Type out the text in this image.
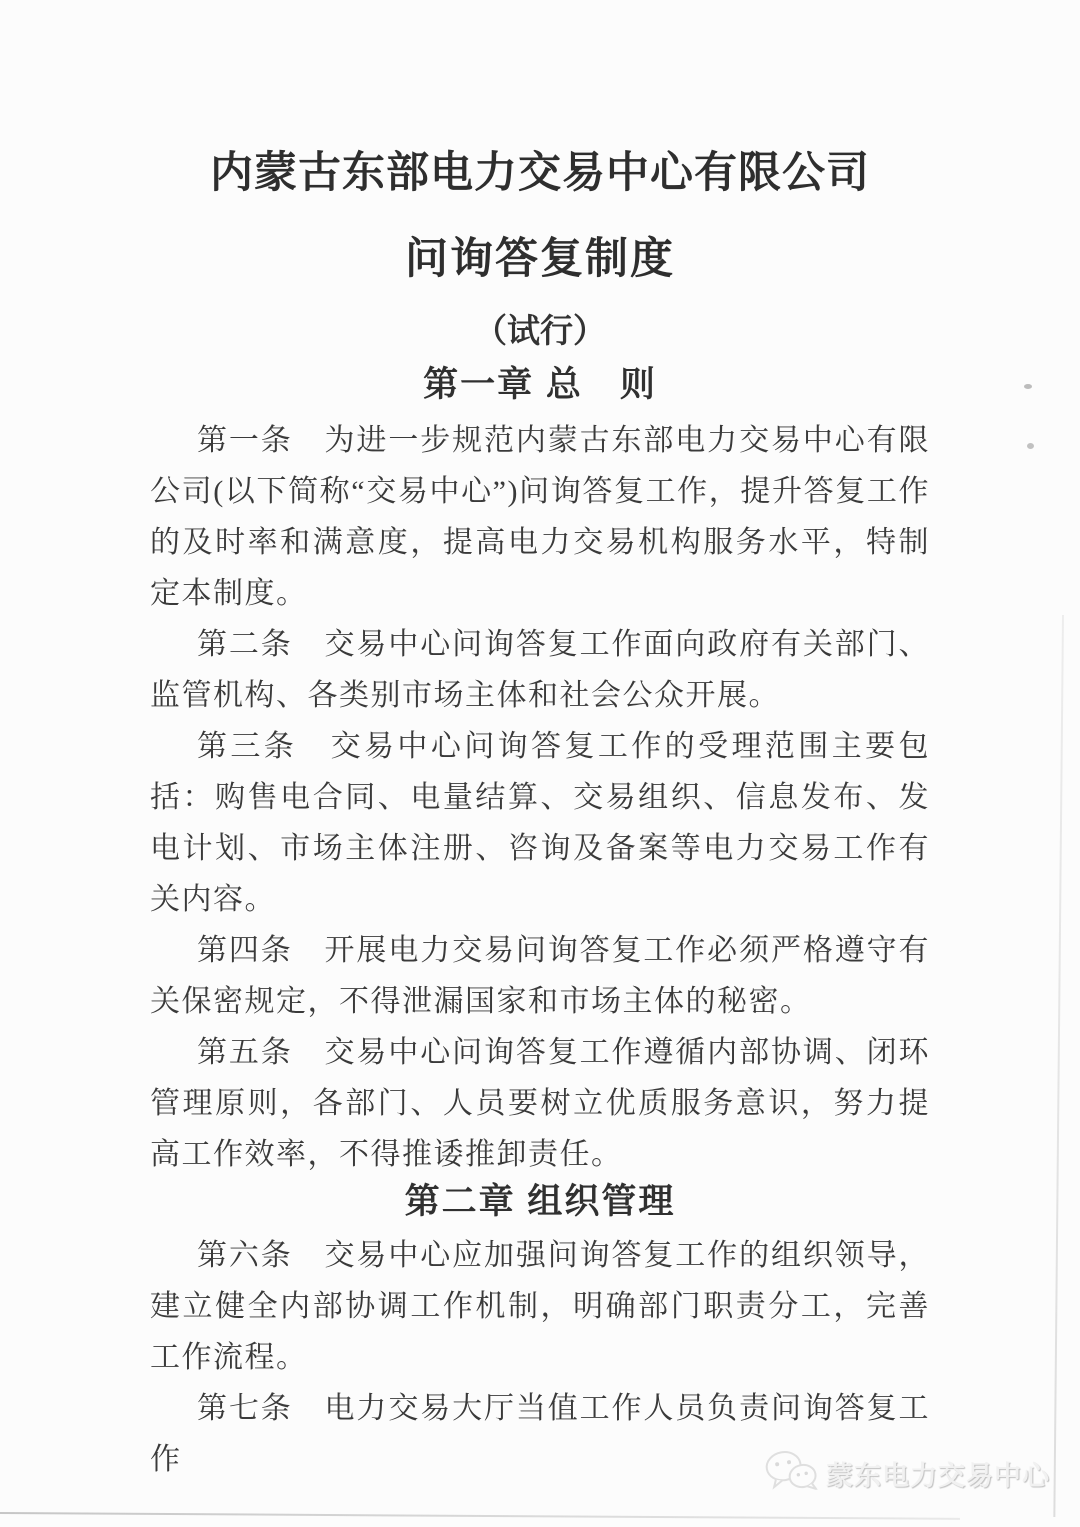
内蒙古东部电力交易中心有限公司
问询答复制度
（试行）
第一章 总　则

第一条　为进一步规范内蒙古东部电力交易中心有限公司(以下简称“交易中心”)问询答复工作，提升答复工作的及时率和满意度，提高电力交易机构服务水平，特制定本制度。

第二条　交易中心问询答复工作面向政府有关部门、监管机构、各类别市场主体和社会公众开展。

第三条　交易中心问询答复工作的受理范围主要包括：购售电合同、电量结算、交易组织、信息发布、发电计划、市场主体注册、咨询及备案等电力交易工作有关内容。

第四条　开展电力交易问询答复工作必须严格遵守有关保密规定，不得泄漏国家和市场主体的秘密。

第五条　交易中心问询答复工作遵循内部协调、闭环管理原则，各部门、人员要树立优质服务意识，努力提高工作效率，不得推诿推卸责任。

第二章 组织管理

第六条　交易中心应加强问询答复工作的组织领导，建立健全内部协调工作机制，明确部门职责分工，完善工作流程。

第七条　电力交易大厅当值工作人员负责问询答复工作	蒙东电力交易中心
